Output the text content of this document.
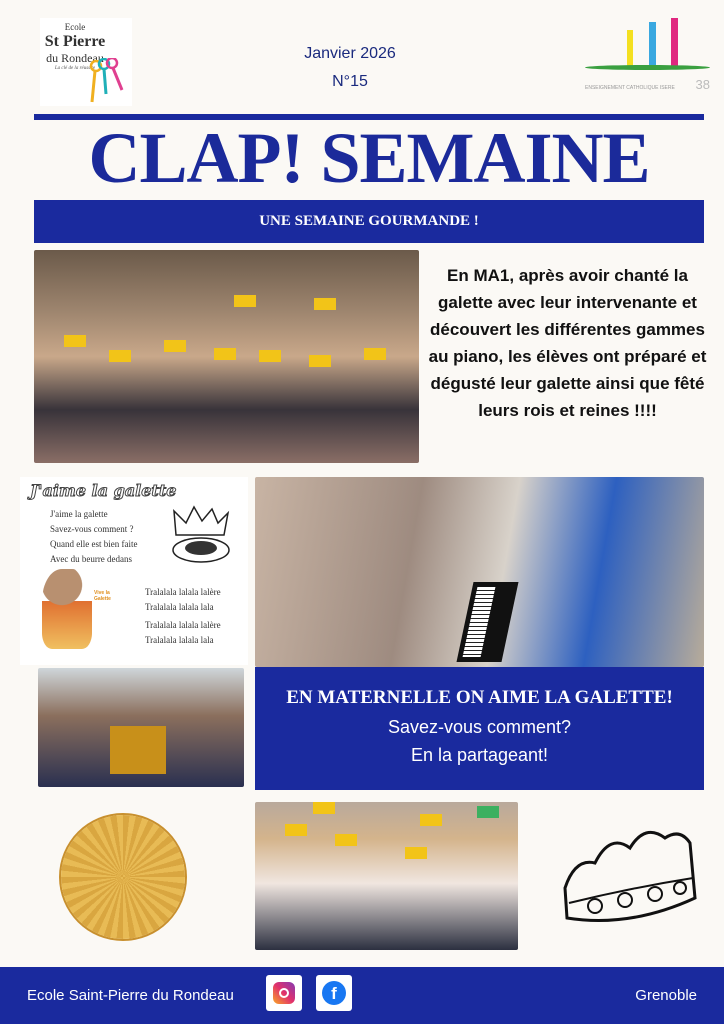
Ecole
St Pierre
du Rondeau
La clé de la réussite
Janvier 2026
N°15	ENSEIGNEMENT CATHOLIQUE ISERE 38
CLAP! SEMAINE
UNE SEMAINE GOURMANDE !
En MA1, après avoir chanté la galette avec leur intervenante et découvert les différentes gammes au piano, les élèves ont préparé et dégusté leur galette ainsi que fêté leurs rois et reines !!!!
J'aime la galette
J'aime la galette
Savez-vous comment ?
Quand elle est bien faite
Avec du beurre dedans
Tralalala lalala lalère
Tralalala lalala lala
Tralalala lalala lalère
Tralalala lalala lala
Vive la Galette
EN MATERNELLE ON AIME LA GALETTE!
Savez-vous comment?
En la partageant!
Ecole Saint-Pierre du Rondeau	f	Grenoble
